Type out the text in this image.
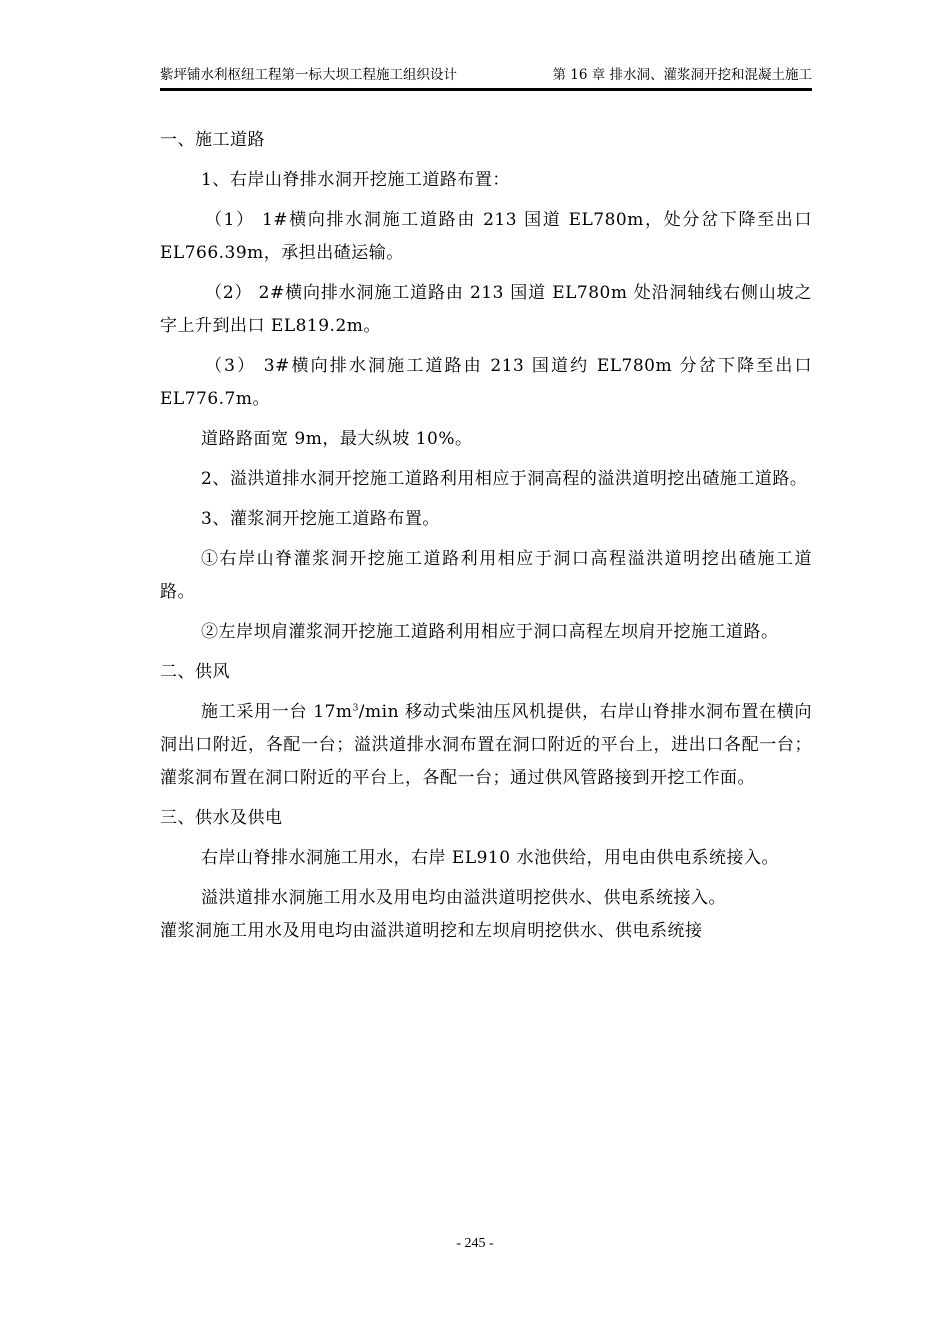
紫坪铺水利枢纽工程第一标大坝工程施工组织设计	第 16 章 排水洞、灌浆洞开挖和混凝土施工

一、施工道路

1、右岸山脊排水洞开挖施工道路布置：

（1） 1#横向排水洞施工道路由 213 国道 EL780m，处分岔下降至出口 EL766.39m，承担出碴运输。

（2） 2#横向排水洞施工道路由 213 国道 EL780m 处沿洞轴线右侧山坡之字上升到出口 EL819.2m。

（3） 3#横向排水洞施工道路由 213 国道约 EL780m 分岔下降至出口 EL776.7m。

道路路面宽 9m，最大纵坡 10%。

2、溢洪道排水洞开挖施工道路利用相应于洞高程的溢洪道明挖出碴施工道路。

3、灌浆洞开挖施工道路布置。

①右岸山脊灌浆洞开挖施工道路利用相应于洞口高程溢洪道明挖出碴施工道路。

②左岸坝肩灌浆洞开挖施工道路利用相应于洞口高程左坝肩开挖施工道路。

二、供风

施工采用一台 $17m^3/\min$ 移动式柴油压风机提供，右岸山脊排水洞布置在横向洞出口附近，各配一台；溢洪道排水洞布置在洞口附近的平台上，进出口各配一台；灌浆洞布置在洞口附近的平台上，各配一台；通过供风管路接到开挖工作面。

三、供水及供电

右岸山脊排水洞施工用水，右岸 EL910 水池供给，用电由供电系统接入。

溢洪道排水洞施工用水及用电均由溢洪道明挖供水、供电系统接入。

灌浆洞施工用水及用电均由溢洪道明挖和左坝肩明挖供水、供电系统接

- 245 -
